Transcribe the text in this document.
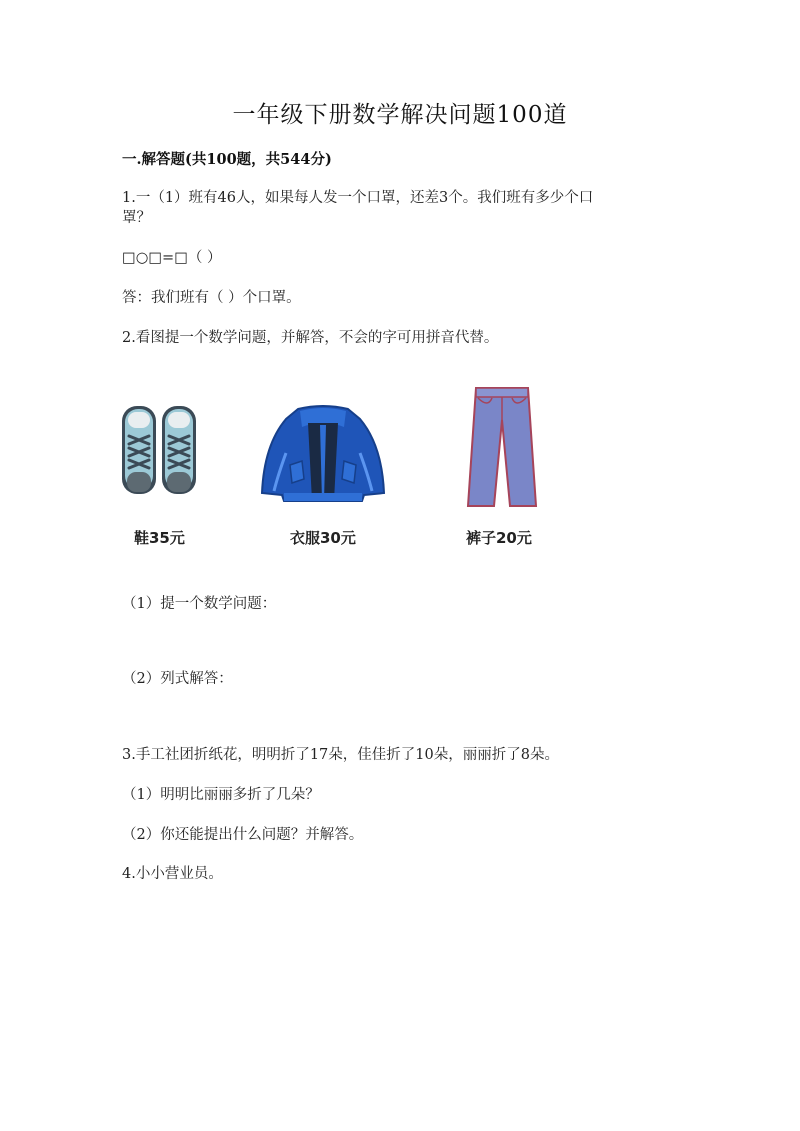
一年级下册数学解决问题100道
一.解答题(共100题，共544分)
1.一（1）班有46人，如果每人发一个口罩，还差3个。我们班有多少个口
罩？
□○□=□（ ）
答：我们班有（ ）个口罩。
2.看图提一个数学问题，并解答，不会的字可用拼音代替。
鞋35元	衣服30元	裤子20元
（1）提一个数学问题：
（2）列式解答：
3.手工社团折纸花，明明折了17朵，佳佳折了10朵，丽丽折了8朵。
（1）明明比丽丽多折了几朵？
（2）你还能提出什么问题？并解答。
4.小小营业员。
